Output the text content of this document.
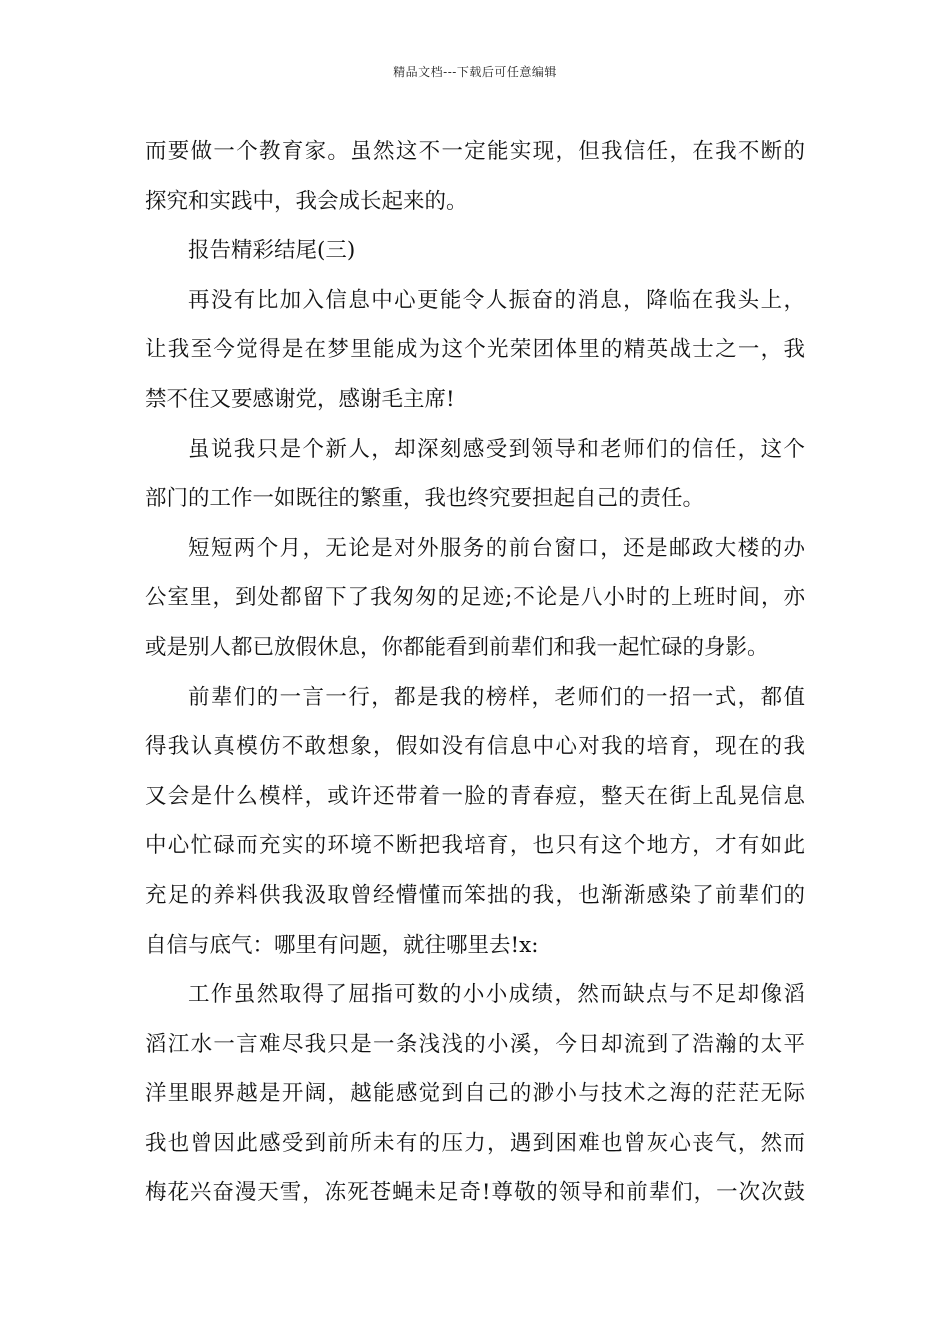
精品文档---下载后可任意编辑
而要做一个教育家。虽然这不一定能实现，但我信任，在我不断的
探究和实践中，我会成长起来的。
报告精彩结尾(三)
再没有比加入信息中心更能令人振奋的消息，降临在我头上，
让我至今觉得是在梦里能成为这个光荣团体里的精英战士之一，我
禁不住又要感谢党，感谢毛主席!
虽说我只是个新人，却深刻感受到领导和老师们的信任，这个
部门的工作一如既往的繁重，我也终究要担起自己的责任。
短短两个月，无论是对外服务的前台窗口，还是邮政大楼的办
公室里，到处都留下了我匆匆的足迹;不论是八小时的上班时间，亦
或是别人都已放假休息，你都能看到前辈们和我一起忙碌的身影。
前辈们的一言一行，都是我的榜样，老师们的一招一式，都值
得我认真模仿不敢想象，假如没有信息中心对我的培育，现在的我
又会是什么模样，或许还带着一脸的青春痘，整天在街上乱晃信息
中心忙碌而充实的环境不断把我培育，也只有这个地方，才有如此
充足的养料供我汲取曾经懵懂而笨拙的我，也渐渐感染了前辈们的
自信与底气：哪里有问题，就往哪里去!x:
工作虽然取得了屈指可数的小小成绩，然而缺点与不足却像滔
滔江水一言难尽我只是一条浅浅的小溪，今日却流到了浩瀚的太平
洋里眼界越是开阔，越能感觉到自己的渺小与技术之海的茫茫无际
我也曾因此感受到前所未有的压力，遇到困难也曾灰心丧气，然而
梅花兴奋漫天雪，冻死苍蝇未足奇!尊敬的领导和前辈们，一次次鼓
